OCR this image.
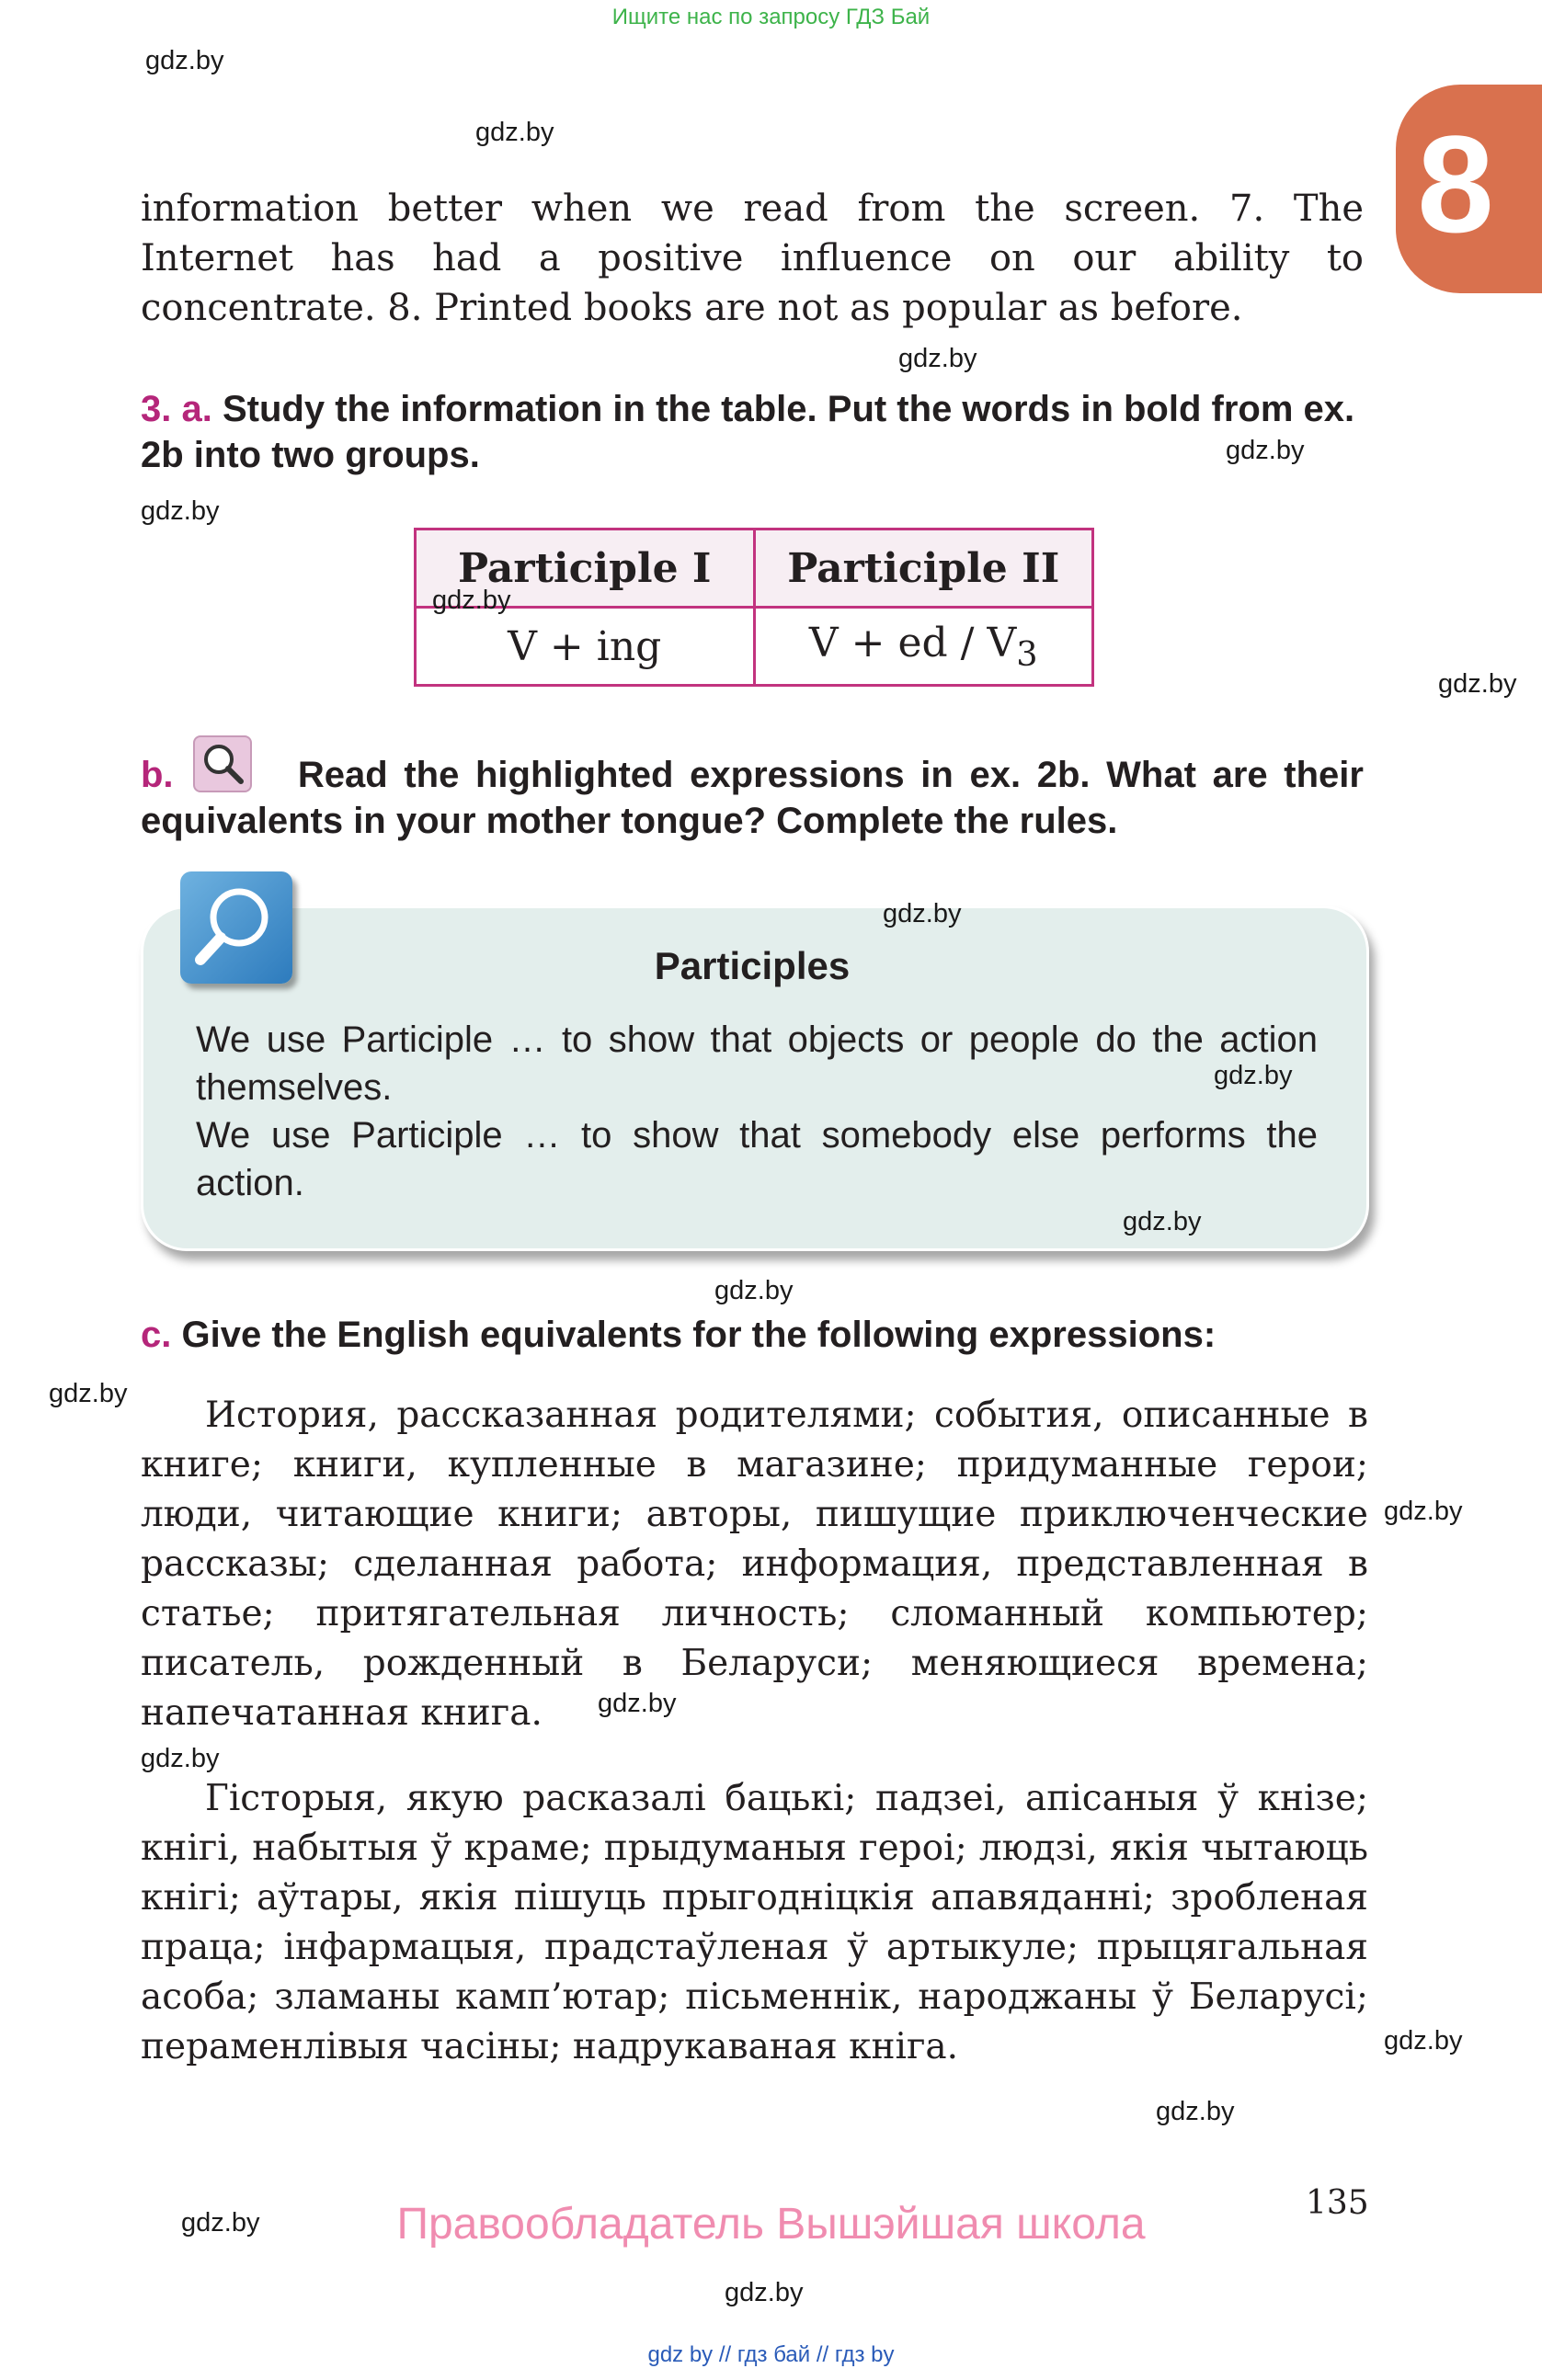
Ищите нас по запросу ГДЗ Бай
8

information better when we read from the screen. 7. The Internet has had a positive influence on our ability to concentrate. 8. Printed books are not as popular as before.

3. a. Study the information in the table. Put the words in bold from ex. 2b into two groups.
Participle I	Participle II
V + ing	V + ed / $V_3$
b.	Read the highlighted expressions in ex. 2b. What are their equivalents in your mother tongue? Complete the rules.
Participles

We use Participle … to show that objects or people do the action themselves.

We use Participle … to show that somebody else performs the action.

c. Give the English equivalents for the following expressions:
История, рассказанная родителями; события, описанные в книге; книги, купленные в магазине; придуманные герои; люди, читающие книги; авторы, пишущие приключенческие рассказы; сделанная работа; информация, представленная в статье; притягательная личность; сломанный компьютер; писатель, рожденный в Беларуси; меняющиеся времена; напечатанная книга.
Гісторыя, якую расказалі бацькі; падзеі, апісаныя ў кнізе; кнігі, набытыя ў краме; прыдуманыя героі; людзі, якія чытаюць кнігі; аўтары, якія пішуць прыгодніцкія апавяданні; зробленая праца; інфармацыя, прадстаўленая ў артыкуле; прыцягальная асоба; зламаны камп’ютар; пісьменнік, народжаны ў Беларусі; пераменлівыя часіны; надрукаваная кніга.
135
Правообладатель Вышэйшая школа
gdz by // гдз бай // гдз by
gdz.by
gdz.by
gdz.by
gdz.by
gdz.by
gdz.by
gdz.by
gdz.by
gdz.by
gdz.by
gdz.by
gdz.by
gdz.by
gdz.by
gdz.by
gdz.by
gdz.by
gdz.by
gdz.by
